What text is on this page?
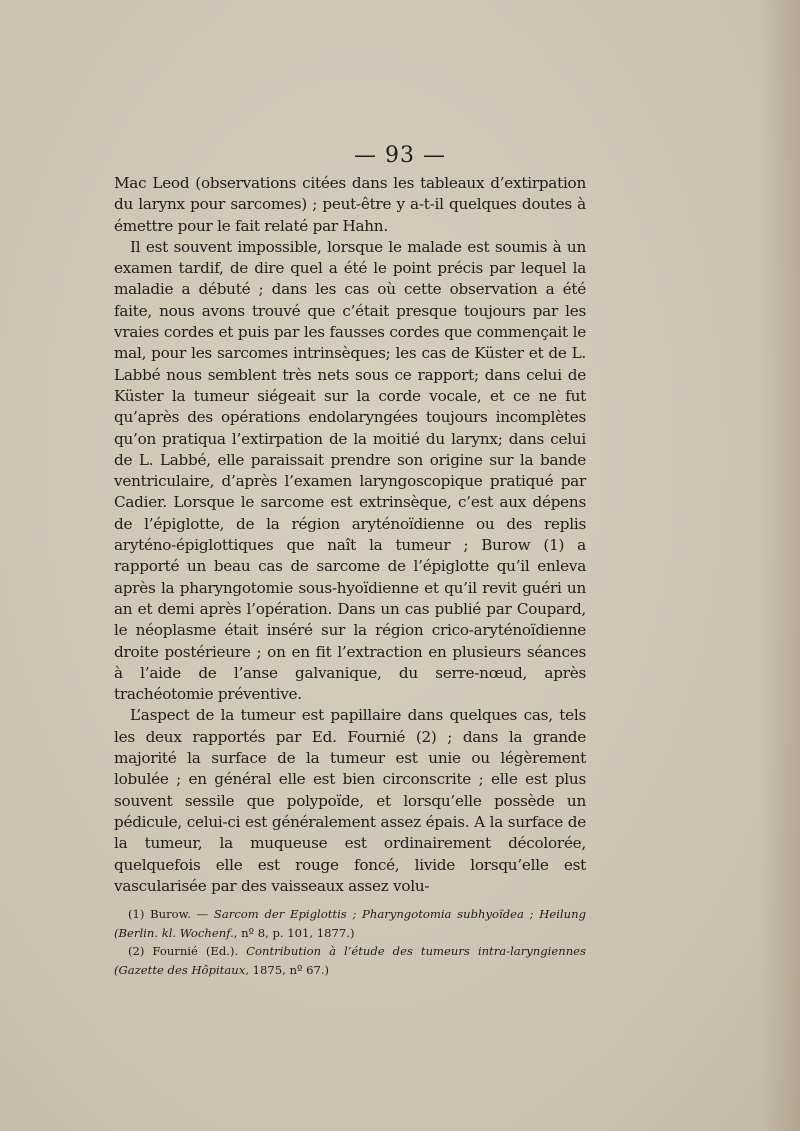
— 93 —

Mac Leod (observations citées dans les tableaux d’extirpation du larynx pour sarcomes) ; peut-être y a-t-il quelques doutes à émettre pour le fait relaté par Hahn.

Il est souvent impossible, lorsque le malade est soumis à un examen tardif, de dire quel a été le point précis par lequel la maladie a débuté ; dans les cas où cette observation a été faite, nous avons trouvé que c’était presque toujours par les vraies cordes et puis par les fausses cordes que commençait le mal, pour les sarcomes intrinsèques; les cas de Küster et de L. Labbé nous semblent très nets sous ce rapport; dans celui de Küster la tumeur siégeait sur la corde vocale, et ce ne fut qu’après des opérations endolaryngées toujours incomplètes qu’on pratiqua l’extirpation de la moitié du larynx; dans celui de L. Labbé, elle paraissait prendre son origine sur la bande ventriculaire, d’après l’examen laryngoscopique pratiqué par Cadier. Lorsque le sarcome est extrinsèque, c’est aux dépens de l’épiglotte, de la région aryténoïdienne ou des replis aryténo-épiglottiques que naît la tumeur ; Burow (1) a rapporté un beau cas de sarcome de l’épiglotte qu’il enleva après la pharyngotomie sous-hyoïdienne et qu’il revit guéri un an et demi après l’opération. Dans un cas publié par Coupard, le néoplasme était inséré sur la région crico-aryténoïdienne droite postérieure ; on en fit l’extraction en plusieurs séances à l’aide de l’anse galvanique, du serre-nœud, après trachéotomie préventive.

L’aspect de la tumeur est papillaire dans quelques cas, tels les deux rapportés par Ed. Fournié (2) ; dans la grande majorité la surface de la tumeur est unie ou légèrement lobulée ; en général elle est bien circonscrite ; elle est plus souvent sessile que polypoïde, et lorsqu’elle possède un pédicule, celui-ci est généralement assez épais. A la surface de la tumeur, la muqueuse est ordinairement décolorée, quelquefois elle est rouge foncé, livide lorsqu’elle est vascularisée par des vaisseaux assez volu-

(1) Burow. — Sarcom der Epiglottis ; Pharyngotomia subhyoïdea ; Heilung (Berlin. kl. Wochenf., nº 8, p. 101, 1877.)

(2) Fournié (Ed.). Contribution à l’étude des tumeurs intra-laryngiennes (Gazette des Hôpitaux, 1875, nº 67.)
